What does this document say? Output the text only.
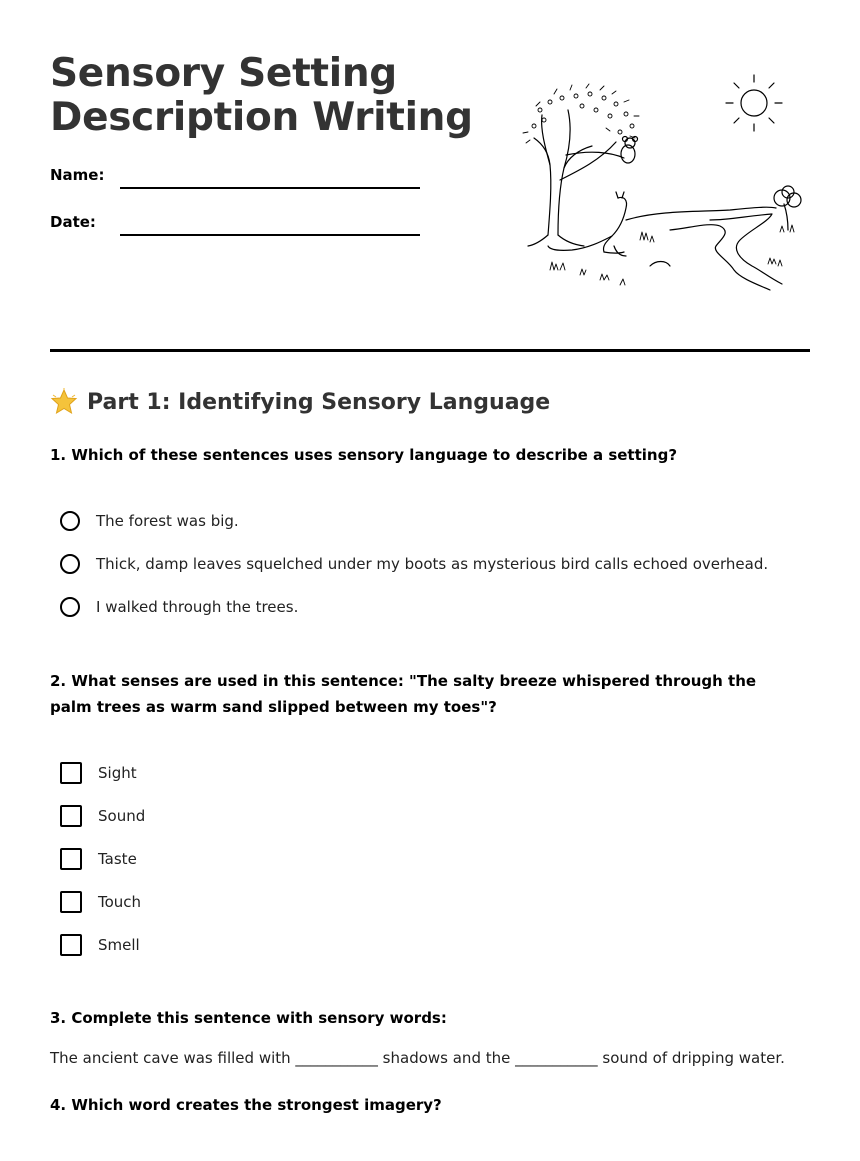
Sensory Setting
Description Writing
Name:
Date:
Part 1: Identifying Sensory Language

1. Which of these sentences uses sensory language to describe a setting?

The forest was big.
Thick, damp leaves squelched under my boots as mysterious bird calls echoed overhead.
I walked through the trees.

2. What senses are used in this sentence: "The salty breeze whispered through the palm trees as warm sand slipped between my toes"?

Sight
Sound
Taste
Touch
Smell

3. Complete this sentence with sensory words:

The ancient cave was filled with ___________ shadows and the ___________ sound of dripping water.

4. Which word creates the strongest imagery?
